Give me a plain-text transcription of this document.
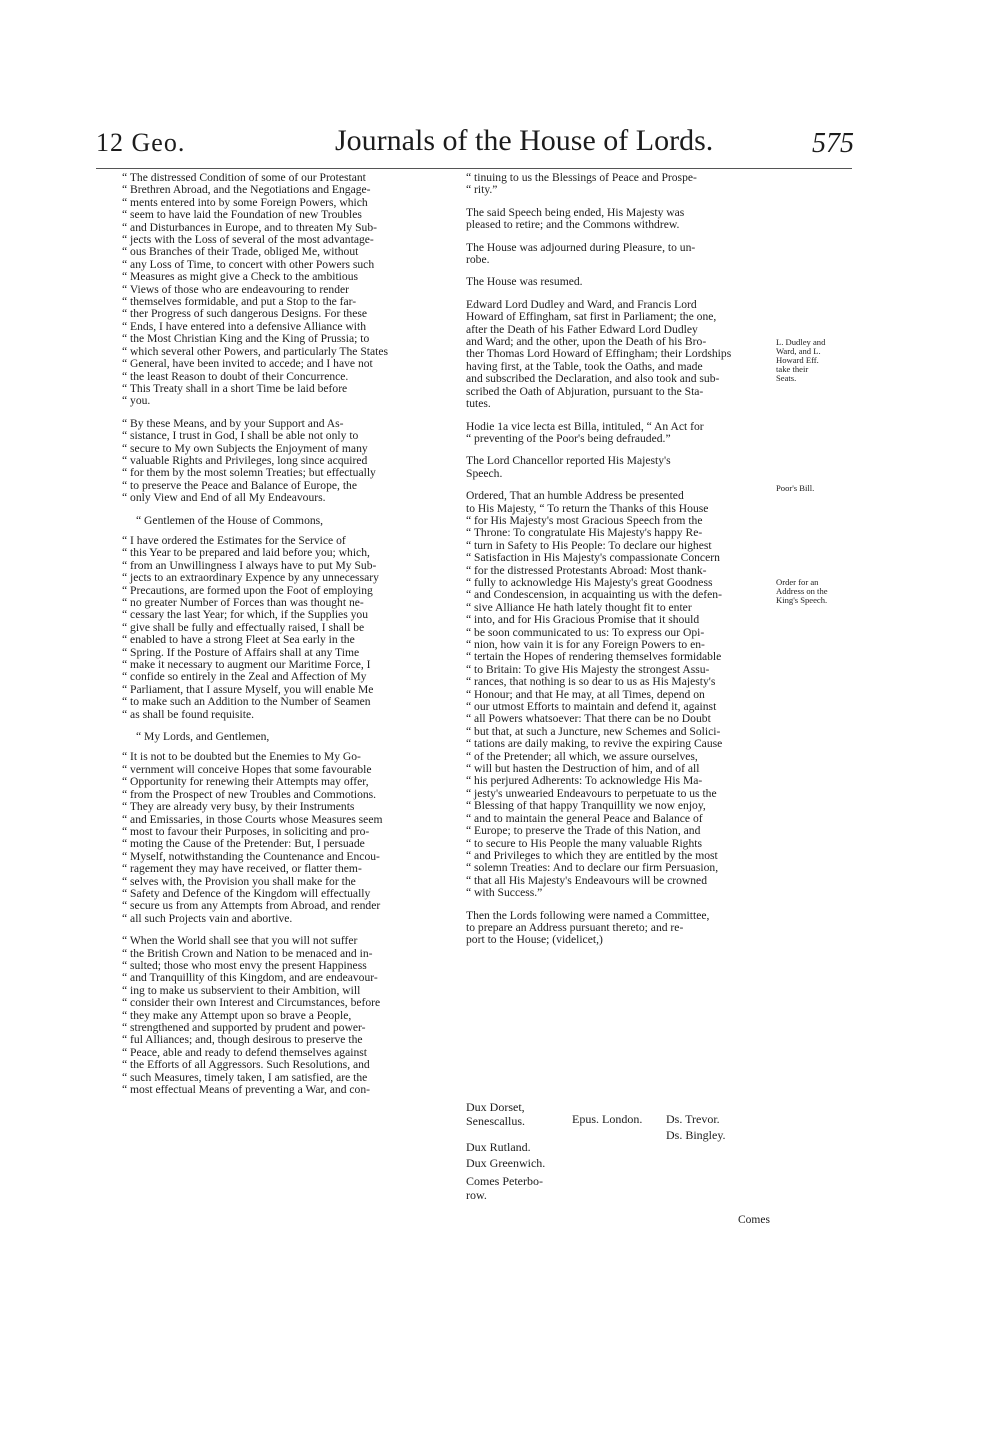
12 Geo.	Journals of the House of Lords.	575

“ The distressed Condition of some of our Protestant
“ Brethren Abroad, and the Negotiations and Engage-
“ ments entered into by some Foreign Powers, which
“ seem to have laid the Foundation of new Troubles
“ and Disturbances in Europe, and to threaten My Sub-
“ jects with the Loss of several of the most advantage-
“ ous Branches of their Trade, obliged Me, without
“ any Loss of Time, to concert with other Powers such
“ Measures as might give a Check to the ambitious
“ Views of those who are endeavouring to render
“ themselves formidable, and put a Stop to the far-
“ ther Progress of such dangerous Designs. For these
“ Ends, I have entered into a defensive Alliance with
“ the Most Christian King and the King of Prussia; to
“ which several other Powers, and particularly The States
“ General, have been invited to accede; and I have not
“ the least Reason to doubt of their Concurrence.
“ This Treaty shall in a short Time be laid before
“ you.

“ By these Means, and by your Support and As-
“ sistance, I trust in God, I shall be able not only to
“ secure to My own Subjects the Enjoyment of many
“ valuable Rights and Privileges, long since acquired
“ for them by the most solemn Treaties; but effectually
“ to preserve the Peace and Balance of Europe, the
“ only View and End of all My Endeavours.

“ Gentlemen of the House of Commons,

“ I have ordered the Estimates for the Service of
“ this Year to be prepared and laid before you; which,
“ from an Unwillingness I always have to put My Sub-
“ jects to an extraordinary Expence by any unnecessary
“ Precautions, are formed upon the Foot of employing
“ no greater Number of Forces than was thought ne-
“ cessary the last Year; for which, if the Supplies you
“ give shall be fully and effectually raised, I shall be
“ enabled to have a strong Fleet at Sea early in the
“ Spring. If the Posture of Affairs shall at any Time
“ make it necessary to augment our Maritime Force, I
“ confide so entirely in the Zeal and Affection of My
“ Parliament, that I assure Myself, you will enable Me
“ to make such an Addition to the Number of Seamen
“ as shall be found requisite.

“ My Lords, and Gentlemen,

“ It is not to be doubted but the Enemies to My Go-
“ vernment will conceive Hopes that some favourable
“ Opportunity for renewing their Attempts may offer,
“ from the Prospect of new Troubles and Commotions.
“ They are already very busy, by their Instruments
“ and Emissaries, in those Courts whose Measures seem
“ most to favour their Purposes, in soliciting and pro-
“ moting the Cause of the Pretender: But, I persuade
“ Myself, notwithstanding the Countenance and Encou-
“ ragement they may have received, or flatter them-
“ selves with, the Provision you shall make for the
“ Safety and Defence of the Kingdom will effectually
“ secure us from any Attempts from Abroad, and render
“ all such Projects vain and abortive.

“ When the World shall see that you will not suffer
“ the British Crown and Nation to be menaced and in-
“ sulted; those who most envy the present Happiness
“ and Tranquillity of this Kingdom, and are endeavour-
“ ing to make us subservient to their Ambition, will
“ consider their own Interest and Circumstances, before
“ they make any Attempt upon so brave a People,
“ strengthened and supported by prudent and power-
“ ful Alliances; and, though desirous to preserve the
“ Peace, able and ready to defend themselves against
“ the Efforts of all Aggressors. Such Resolutions, and
“ such Measures, timely taken, I am satisfied, are the
“ most effectual Means of preventing a War, and con-

“ tinuing to us the Blessings of Peace and Prospe-
“ rity.”

The said Speech being ended, His Majesty was
pleased to retire; and the Commons withdrew.

The House was adjourned during Pleasure, to un-
robe.

The House was resumed.

Edward Lord Dudley and Ward, and Francis Lord
Howard of Effingham, sat first in Parliament; the one,
after the Death of his Father Edward Lord Dudley
and Ward; and the other, upon the Death of his Bro-
ther Thomas Lord Howard of Effingham; their Lordships
having first, at the Table, took the Oaths, and made
and subscribed the Declaration, and also took and sub-
scribed the Oath of Abjuration, pursuant to the Sta-
tutes.

Hodie 1a vice lecta est Billa, intituled, “ An Act for
“ preventing of the Poor's being defrauded.”

The Lord Chancellor reported His Majesty's
Speech.

Ordered, That an humble Address be presented
to His Majesty, “ To return the Thanks of this House
“ for His Majesty's most Gracious Speech from the
“ Throne: To congratulate His Majesty's happy Re-
“ turn in Safety to His People: To declare our highest
“ Satisfaction in His Majesty's compassionate Concern
“ for the distressed Protestants Abroad: Most thank-
“ fully to acknowledge His Majesty's great Goodness
“ and Condescension, in acquainting us with the defen-
“ sive Alliance He hath lately thought fit to enter
“ into, and for His Gracious Promise that it should
“ be soon communicated to us: To express our Opi-
“ nion, how vain it is for any Foreign Powers to en-
“ tertain the Hopes of rendering themselves formidable
“ to Britain: To give His Majesty the strongest Assu-
“ rances, that nothing is so dear to us as His Majesty's
“ Honour; and that He may, at all Times, depend on
“ our utmost Efforts to maintain and defend it, against
“ all Powers whatsoever: That there can be no Doubt
“ but that, at such a Juncture, new Schemes and Solici-
“ tations are daily making, to revive the expiring Cause
“ of the Pretender; all which, we assure ourselves,
“ will but hasten the Destruction of him, and of all
“ his perjured Adherents: To acknowledge His Ma-
“ jesty's unwearied Endeavours to perpetuate to us the
“ Blessing of that happy Tranquillity we now enjoy,
“ and to maintain the general Peace and Balance of
“ Europe; to preserve the Trade of this Nation, and
“ to secure to His People the many valuable Rights
“ and Privileges to which they are entitled by the most
“ solemn Treaties: And to declare our firm Persuasion,
“ that all His Majesty's Endeavours will be crowned
“ with Success.”

Then the Lords following were named a Committee,
to prepare an Address pursuant thereto; and re-
port to the House; (videlicet,)

L. Dudley and
Ward, and L.
Howard Eff.
take their
Seats.
Poor's Bill.
Order for an
Address on the
King's Speech.
Dux Dorset,
Senescallus.
Dux Rutland.
Dux Greenwich.
Comes Peterbo-
row.
Epus. London. Ds. Trevor.
Ds. Bingley.
Comes
